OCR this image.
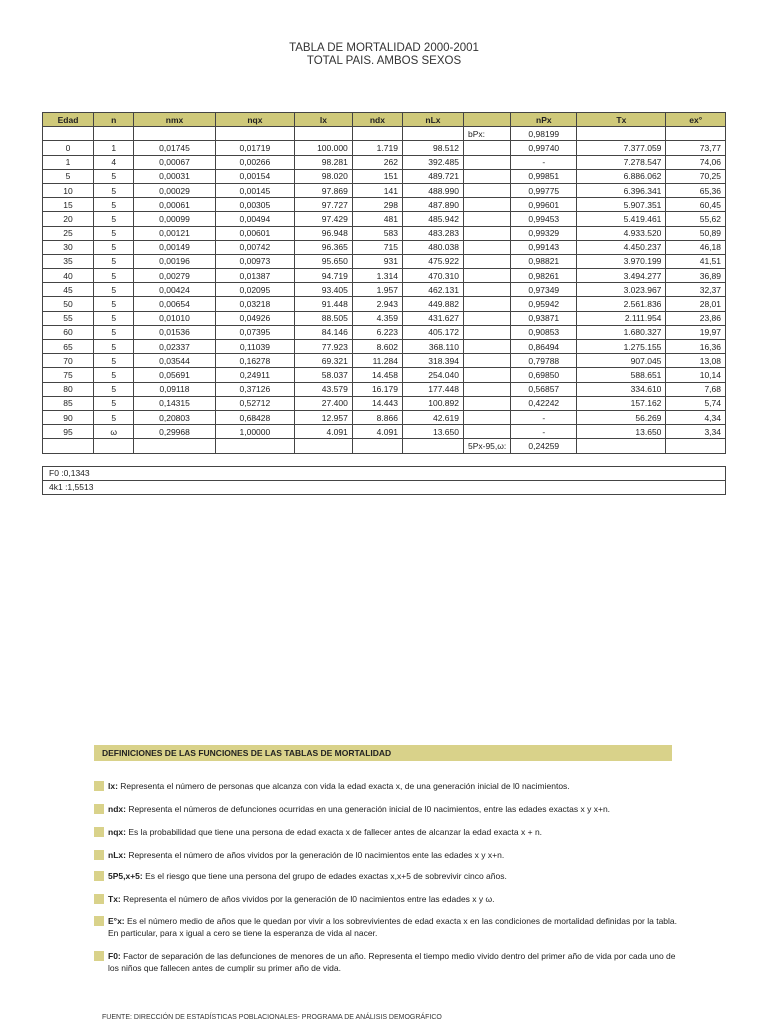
TABLA DE MORTALIDAD 2000-2001
TOTAL PAIS. AMBOS SEXOS
Edad	n	nmx	nqx	lx	ndx	nLx		nPx	Tx	ex°
							bPx:	0,98199		
0	1	0,01745	0,01719	100.000	1.719	98.512		0,99740	7.377.059	73,77
1	4	0,00067	0,00266	98.281	262	392.485		-	7.278.547	74,06
5	5	0,00031	0,00154	98.020	151	489.721		0,99851	6.886.062	70,25
10	5	0,00029	0,00145	97.869	141	488.990		0,99775	6.396.341	65,36
15	5	0,00061	0,00305	97.727	298	487.890		0,99601	5.907.351	60,45
20	5	0,00099	0,00494	97.429	481	485.942		0,99453	5.419.461	55,62
25	5	0,00121	0,00601	96.948	583	483.283		0,99329	4.933.520	50,89
30	5	0,00149	0,00742	96.365	715	480.038		0,99143	4.450.237	46,18
35	5	0,00196	0,00973	95.650	931	475.922		0,98821	3.970.199	41,51
40	5	0,00279	0,01387	94.719	1.314	470.310		0,98261	3.494.277	36,89
45	5	0,00424	0,02095	93.405	1.957	462.131		0,97349	3.023.967	32,37
50	5	0,00654	0,03218	91.448	2.943	449.882		0,95942	2.561.836	28,01
55	5	0,01010	0,04926	88.505	4.359	431.627		0,93871	2.111.954	23,86
60	5	0,01536	0,07395	84.146	6.223	405.172		0,90853	1.680.327	19,97
65	5	0,02337	0,11039	77.923	8.602	368.110		0,86494	1.275.155	16,36
70	5	0,03544	0,16278	69.321	11.284	318.394		0,79788	907.045	13,08
75	5	0,05691	0,24911	58.037	14.458	254.040		0,69850	588.651	10,14
80	5	0,09118	0,37126	43.579	16.179	177.448		0,56857	334.610	7,68
85	5	0,14315	0,52712	27.400	14.443	100.892		0,42242	157.162	5,74
90	5	0,20803	0,68428	12.957	8.866	42.619		-	56.269	4,34
95	ω	0,29968	1,00000	4.091	4.091	13.650		-	13.650	3,34
							5Px-95,ω:	0,24259		
F0 :0,1343
4k1 :1,5513
DEFINICIONES DE LAS FUNCIONES DE LAS TABLAS DE MORTALIDAD
lx: Representa el número de personas que alcanza con vida la edad exacta x, de una generación inicial de l0 nacimientos.
ndx: Representa el números de defunciones ocurridas en una generación inicial de l0 nacimientos, entre las edades exactas x y x+n.
nqx: Es la probabilidad que tiene una persona de edad exacta x de fallecer antes de alcanzar la edad exacta x + n.
nLx: Representa el número de años vividos por la generación de l0 nacimientos ente las edades x y x+n.
5P5,x+5: Es el riesgo que tiene una persona del grupo de edades exactas x,x+5 de sobrevivir cinco años.
Tx: Representa el número de años vividos por la generación de l0 nacimientos entre las edades x y ω.
E°x: Es el número medio de años que le quedan por vivir a los sobrevivientes de edad exacta x en las condiciones de mortalidad definidas por la tabla. En particular, para x igual a cero se tiene la esperanza de vida al nacer.
F0: Factor de separación de las defunciones de menores de un año. Representa el tiempo medio vivido dentro del primer año de vida por cada uno de los niños que fallecen antes de cumplir su primer año de vida.
FUENTE: DIRECCIÓN DE ESTADÍSTICAS POBLACIONALES- PROGRAMA DE ANÁLISIS DEMOGRÁFICO
